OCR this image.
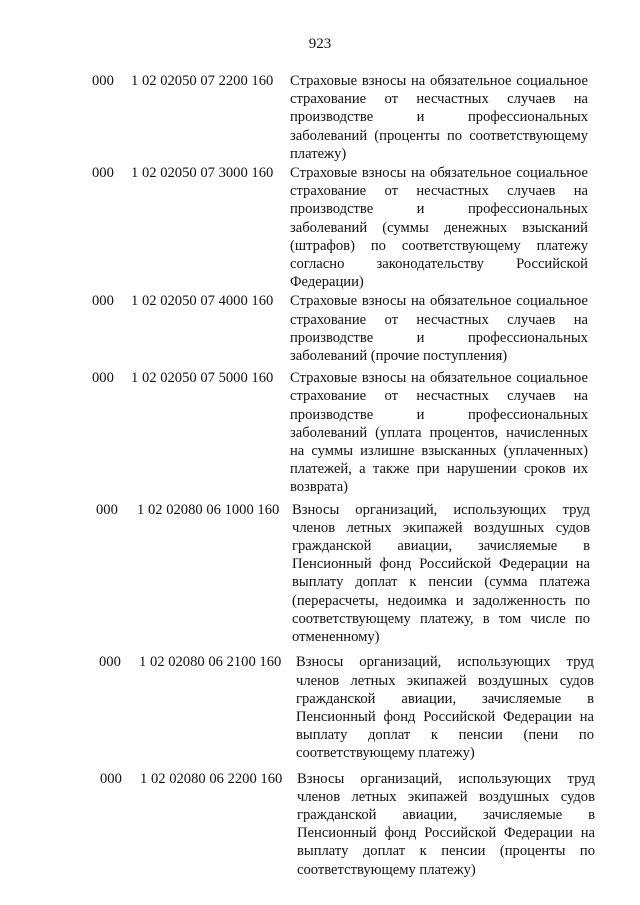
923
000 1 02 02050 07 2200 160 Страховые взносы на обязательное социальное страхование от несчастных случаев на производстве и профессиональных заболеваний (проценты по соответствующему платежу)
000 1 02 02050 07 3000 160 Страховые взносы на обязательное социальное страхование от несчастных случаев на производстве и профессиональных заболеваний (суммы денежных взысканий (штрафов) по соответствующему платежу согласно законодательству Российской Федерации)
000 1 02 02050 07 4000 160 Страховые взносы на обязательное социальное страхование от несчастных случаев на производстве и профессиональных заболеваний (прочие поступления)
000 1 02 02050 07 5000 160 Страховые взносы на обязательное социальное страхование от несчастных случаев на производстве и профессиональных заболеваний (уплата процентов, начисленных на суммы излишне взысканных (уплаченных) платежей, а также при нарушении сроков их возврата)
000 1 02 02080 06 1000 160 Взносы организаций, использующих труд членов летных экипажей воздушных судов гражданской авиации, зачисляемые в Пенсионный фонд Российской Федерации на выплату доплат к пенсии (сумма платежа (перерасчеты, недоимка и задолженность по соответствующему платежу, в том числе по отмененному)
000 1 02 02080 06 2100 160 Взносы организаций, использующих труд членов летных экипажей воздушных судов гражданской авиации, зачисляемые в Пенсионный фонд Российской Федерации на выплату доплат к пенсии (пени по соответствующему платежу)
000 1 02 02080 06 2200 160 Взносы организаций, использующих труд членов летных экипажей воздушных судов гражданской авиации, зачисляемые в Пенсионный фонд Российской Федерации на выплату доплат к пенсии (проценты по соответствующему платежу)
